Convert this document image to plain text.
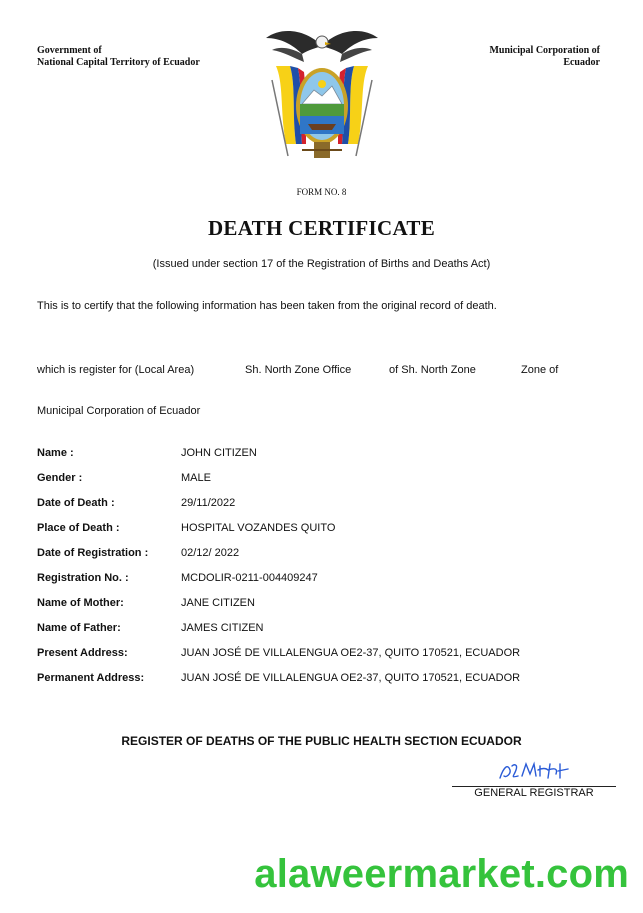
Government of
National Capital Territory of Ecuador
Municipal Corporation of
Ecuador
FORM NO. 8
DEATH CERTIFICATE
(Issued under section 17 of the Registration of Births and Deaths Act)
This is to certify that the following information has been taken from the original record of death.
which is register for (Local Area)	Sh. North Zone Office	of Sh. North Zone	Zone of
Municipal Corporation of Ecuador
Name :	JOHN CITIZEN
Gender :	MALE
Date of Death :	29/11/2022
Place of Death :	HOSPITAL VOZANDES QUITO
Date of Registration :	02/12/ 2022
Registration No. :	MCDOLIR-0211-004409247
Name of Mother:	JANE CITIZEN
Name of Father:	JAMES CITIZEN
Present Address:	JUAN JOSÉ DE VILLALENGUA OE2-37, QUITO 170521, ECUADOR
Permanent Address:	JUAN JOSÉ DE VILLALENGUA OE2-37, QUITO 170521, ECUADOR
REGISTER OF DEATHS OF THE PUBLIC HEALTH SECTION ECUADOR
GENERAL REGISTRAR
alaweermarket.com
